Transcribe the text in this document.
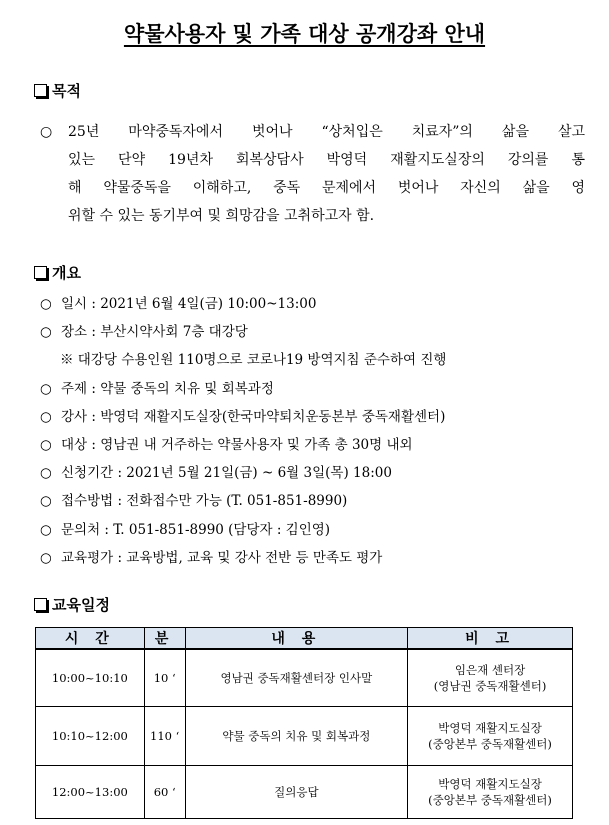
약물사용자 및 가족 대상 공개강좌 안내
목적
○	25년 마약중독자에서 벗어나 “상처입은 치료자”의 삶을 살고
있는 단약 19년차 회복상담사 박영덕 재활지도실장의 강의를 통
해 약물중독을 이해하고, 중독 문제에서 벗어나 자신의 삶을 영
위할 수 있는 동기부여 및 희망감을 고취하고자 함.
개요
○ 일시 : 2021년 6월 4일(금) 10:00~13:00
○ 장소 : 부산시약사회 7층 대강당
※ 대강당 수용인원 110명으로 코로나19 방역지침 준수하여 진행
○ 주제 : 약물 중독의 치유 및 회복과정
○ 강사 : 박영덕 재활지도실장(한국마약퇴치운동본부 중독재활센터)
○ 대상 : 영남권 내 거주하는 약물사용자 및 가족 총 30명 내외
○ 신청기간 : 2021년 5월 21일(금) ~ 6월 3일(목) 18:00
○ 접수방법 : 전화접수만 가능 (T. 051-851-8990)
○ 문의처 : T. 051-851-8990 (담당자 : 김인영)
○ 교육평가 : 교육방법, 교육 및 강사 전반 등 만족도 평가
교육일정
시 간	분	내 용	비 고
10:00~10:10	10 ‘	영남권 중독재활센터장 인사말	임은재 센터장
(영남권 중독재활센터)

10:10~12:00	110 ‘	약물 중독의 치유 및 회복과정	박영덕 재활지도실장
(중앙본부 중독재활센터)

12:00~13:00	60 ‘	질의응답	박영덕 재활지도실장
(중앙본부 중독재활센터)
